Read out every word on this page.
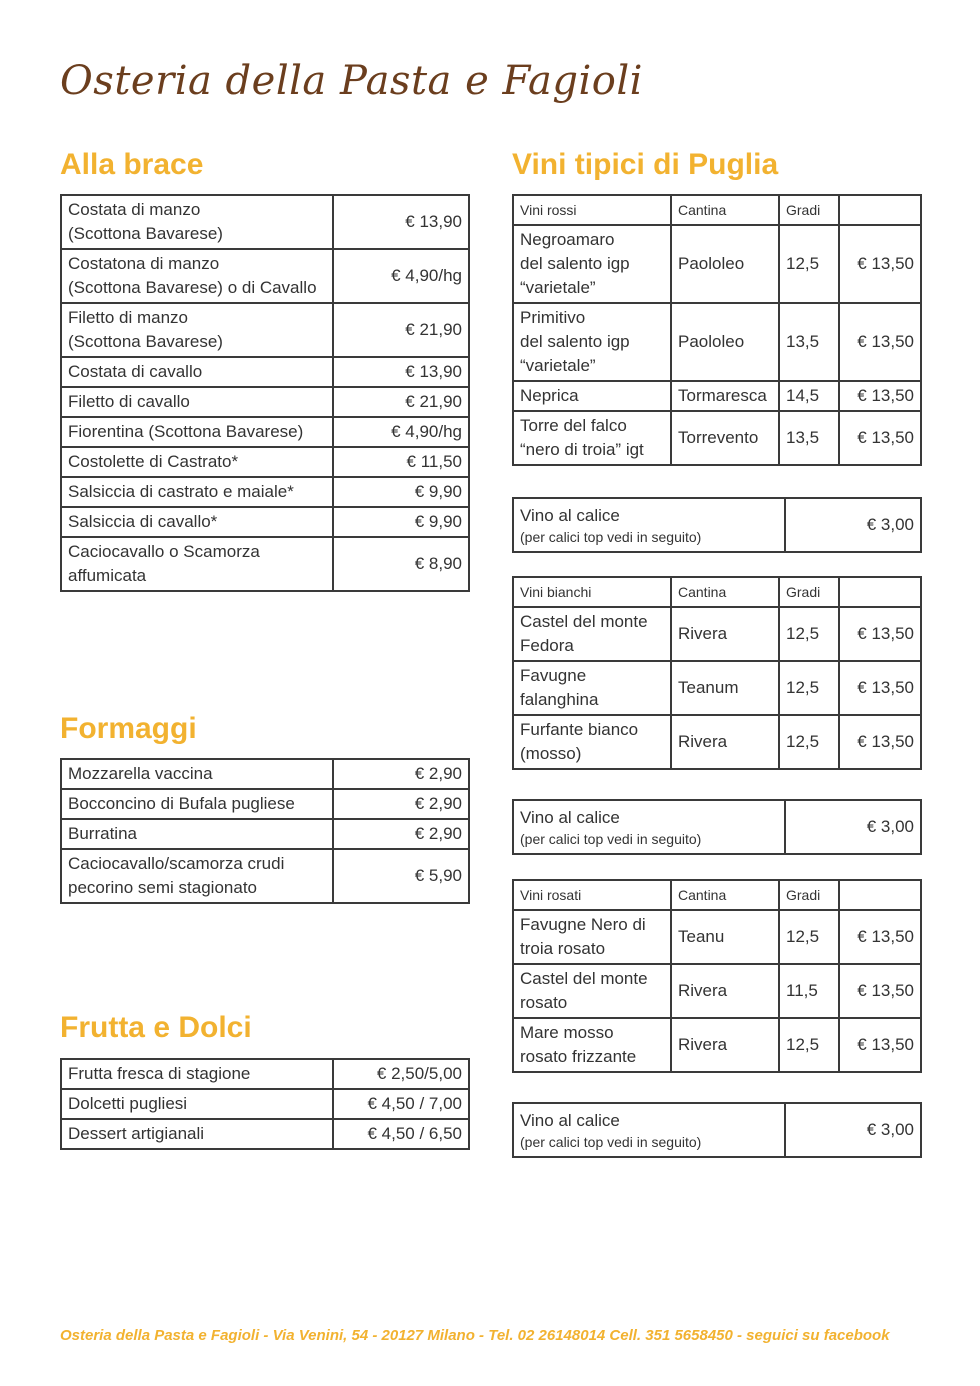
Osteria della Pasta e Fagioli
Alla brace
Costata di manzo
(Scottona Bavarese)	€ 13,90
Costatona di manzo
(Scottona Bavarese) o di Cavallo	€ 4,90/hg
Filetto di manzo
(Scottona Bavarese)	€ 21,90
Costata di cavallo	€ 13,90
Filetto di cavallo	€ 21,90
Fiorentina (Scottona Bavarese)	€ 4,90/hg
Costolette di Castrato*	€ 11,50
Salsiccia di castrato e maiale*	€ 9,90
Salsiccia di cavallo*	€ 9,90
Caciocavallo o Scamorza
affumicata	€ 8,90
Formaggi
Mozzarella vaccina	€ 2,90
Bocconcino di Bufala pugliese	€ 2,90
Burratina	€ 2,90
Caciocavallo/scamorza crudi
pecorino semi stagionato	€ 5,90
Frutta e Dolci
Frutta fresca di stagione	€ 2,50/5,00
Dolcetti pugliesi	€ 4,50 / 7,00
Dessert artigianali	€ 4,50 / 6,50
Vini tipici di Puglia
Vini rossi	Cantina	Gradi	
Negroamaro
del salento igp
“varietale”	Paololeo	12,5	€ 13,50
Primitivo
del salento igp
“varietale”	Paololeo	13,5	€ 13,50
Neprica	Tormaresca	14,5	€ 13,50
Torre del falco
“nero di troia” igt	Torrevento	13,5	€ 13,50
Vino al calice
(per calici top vedi in seguito)
	€ 3,00
Vini bianchi	Cantina	Gradi	
Castel del monte
Fedora	Rivera	12,5	€ 13,50
Favugne
falanghina	Teanum	12,5	€ 13,50
Furfante bianco
(mosso)	Rivera	12,5	€ 13,50
Vino al calice
(per calici top vedi in seguito)
	€ 3,00
Vini rosati	Cantina	Gradi	
Favugne Nero di
troia rosato	Teanu	12,5	€ 13,50
Castel del monte
rosato	Rivera	11,5	€ 13,50
Mare mosso
rosato frizzante	Rivera	12,5	€ 13,50
Vino al calice
(per calici top vedi in seguito)
	€ 3,00
Osteria della Pasta e Fagioli - Via Venini, 54 - 20127 Milano - Tel. 02 26148014 Cell. 351 5658450 - seguici su facebook
